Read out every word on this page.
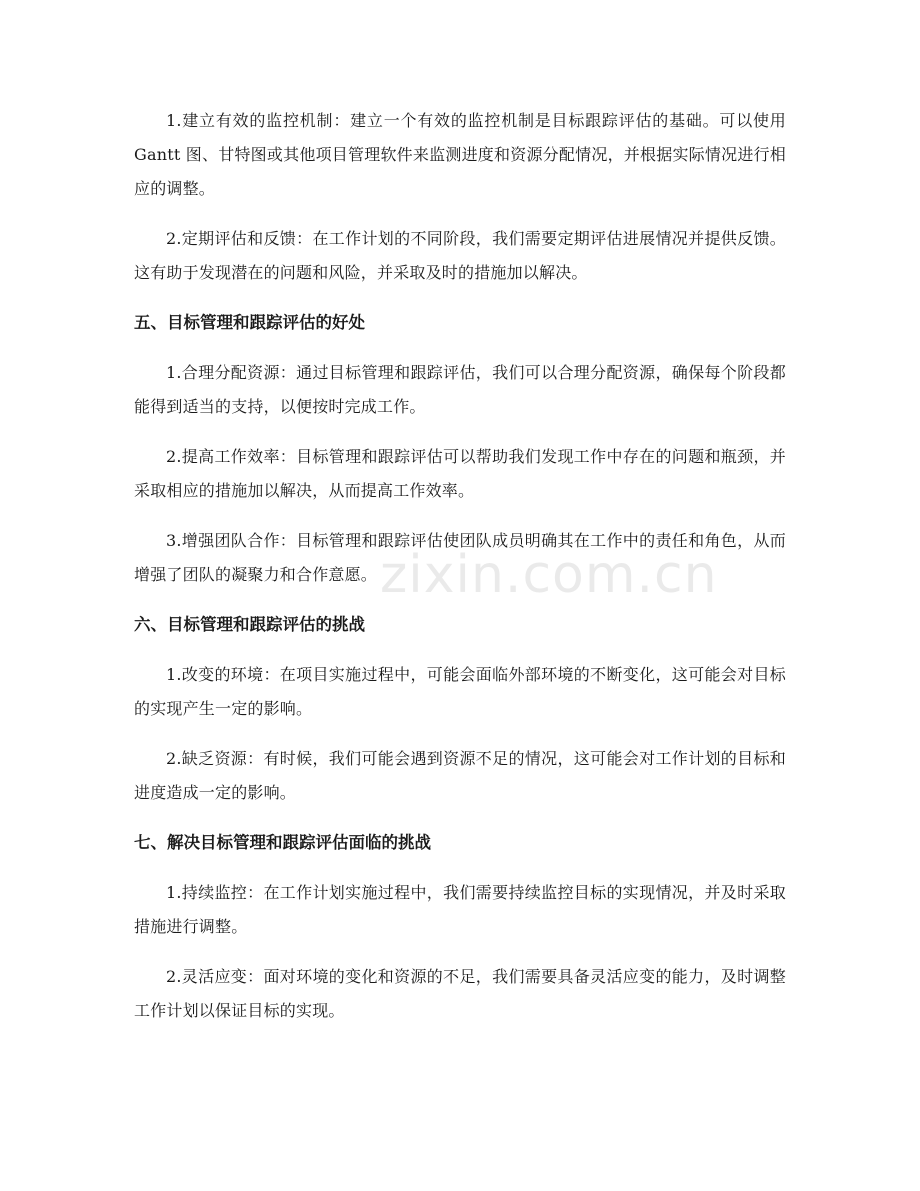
1.建立有效的监控机制：建立一个有效的监控机制是目标跟踪评估的基础。可以使用 Gantt 图、甘特图或其他项目管理软件来监测进度和资源分配情况，并根据实际情况进行相应的调整。

2.定期评估和反馈：在工作计划的不同阶段，我们需要定期评估进展情况并提供反馈。这有助于发现潜在的问题和风险，并采取及时的措施加以解决。

五、目标管理和跟踪评估的好处

1.合理分配资源：通过目标管理和跟踪评估，我们可以合理分配资源，确保每个阶段都能得到适当的支持，以便按时完成工作。

2.提高工作效率：目标管理和跟踪评估可以帮助我们发现工作中存在的问题和瓶颈，并采取相应的措施加以解决，从而提高工作效率。

3.增强团队合作：目标管理和跟踪评估使团队成员明确其在工作中的责任和角色，从而增强了团队的凝聚力和合作意愿。

六、目标管理和跟踪评估的挑战

1.改变的环境：在项目实施过程中，可能会面临外部环境的不断变化，这可能会对目标的实现产生一定的影响。

2.缺乏资源：有时候，我们可能会遇到资源不足的情况，这可能会对工作计划的目标和进度造成一定的影响。

七、解决目标管理和跟踪评估面临的挑战

1.持续监控：在工作计划实施过程中，我们需要持续监控目标的实现情况，并及时采取措施进行调整。

2.灵活应变：面对环境的变化和资源的不足，我们需要具备灵活应变的能力，及时调整工作计划以保证目标的实现。

zixin.com.cn
